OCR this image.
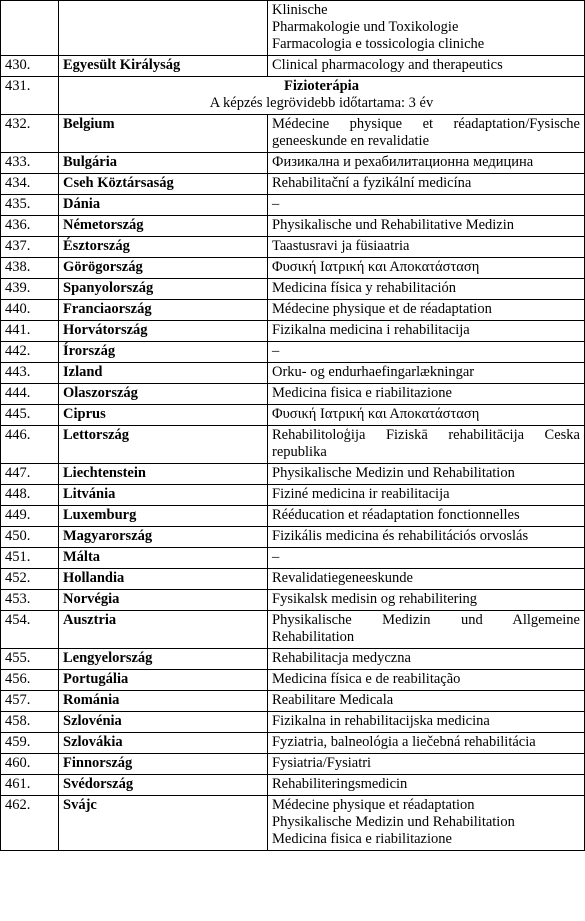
		Klinische
Pharmakologie und Toxikologie
Farmacologia e tossicologia cliniche

430.	Egyesült Királyság	Clinical pharmacology and therapeutics
431.	Fizioterápia
A képzés legrövidebb időtartama: 3 év	

432.	Belgium	Médecine physique et réadaptation/Fysische geneeskunde en revalidatie
433.	Bulgária	Физикална и рехабилитационна медицина
434.	Cseh Köztársaság	Rehabilitační a fyzikální medicína
435.	Dánia	–
436.	Németország	Physikalische und Rehabilitative Medizin
437.	Észtország	Taastusravi ja füsiaatria
438.	Görögország	Φυσική Ιατρική και Αποκατάσταση
439.	Spanyolország	Medicina física y rehabilitación
440.	Franciaország	Médecine physique et de réadaptation
441.	Horvátország	Fizikalna medicina i rehabilitacija
442.	Írország	–
443.	Izland	Orku- og endurhaefingarlækningar
444.	Olaszország	Medicina fisica e riabilitazione
445.	Ciprus	Φυσική Ιατρική και Αποκατάσταση
446.	Lettország	Rehabilitoloģija Fiziskā rehabilitācija Ceska republika
447.	Liechtenstein	Physikalische Medizin und Rehabilitation
448.	Litvánia	Fiziné medicina ir reabilitacija
449.	Luxemburg	Rééducation et réadaptation fonctionnelles
450.	Magyarország	Fizikális medicina és rehabilitációs orvoslás
451.	Málta	–
452.	Hollandia	Revalidatiegeneeskunde
453.	Norvégia	Fysikalsk medisin og rehabilitering
454.	Ausztria	Physikalische Medizin und Allgemeine Rehabilitation
455.	Lengyelország	Rehabilitacja medyczna
456.	Portugália	Medicina física e de reabilitação
457.	Románia	Reabilitare Medicala
458.	Szlovénia	Fizikalna in rehabilitacijska medicina
459.	Szlovákia	Fyziatria, balneológia a liečebná rehabilitácia
460.	Finnország	Fysiatria/Fysiatri
461.	Svédország	Rehabiliteringsmedicin
462.	Svájc	Médecine physique et réadaptation
Physikalische Medizin und Rehabilitation
Medicina fisica e riabilitazione
